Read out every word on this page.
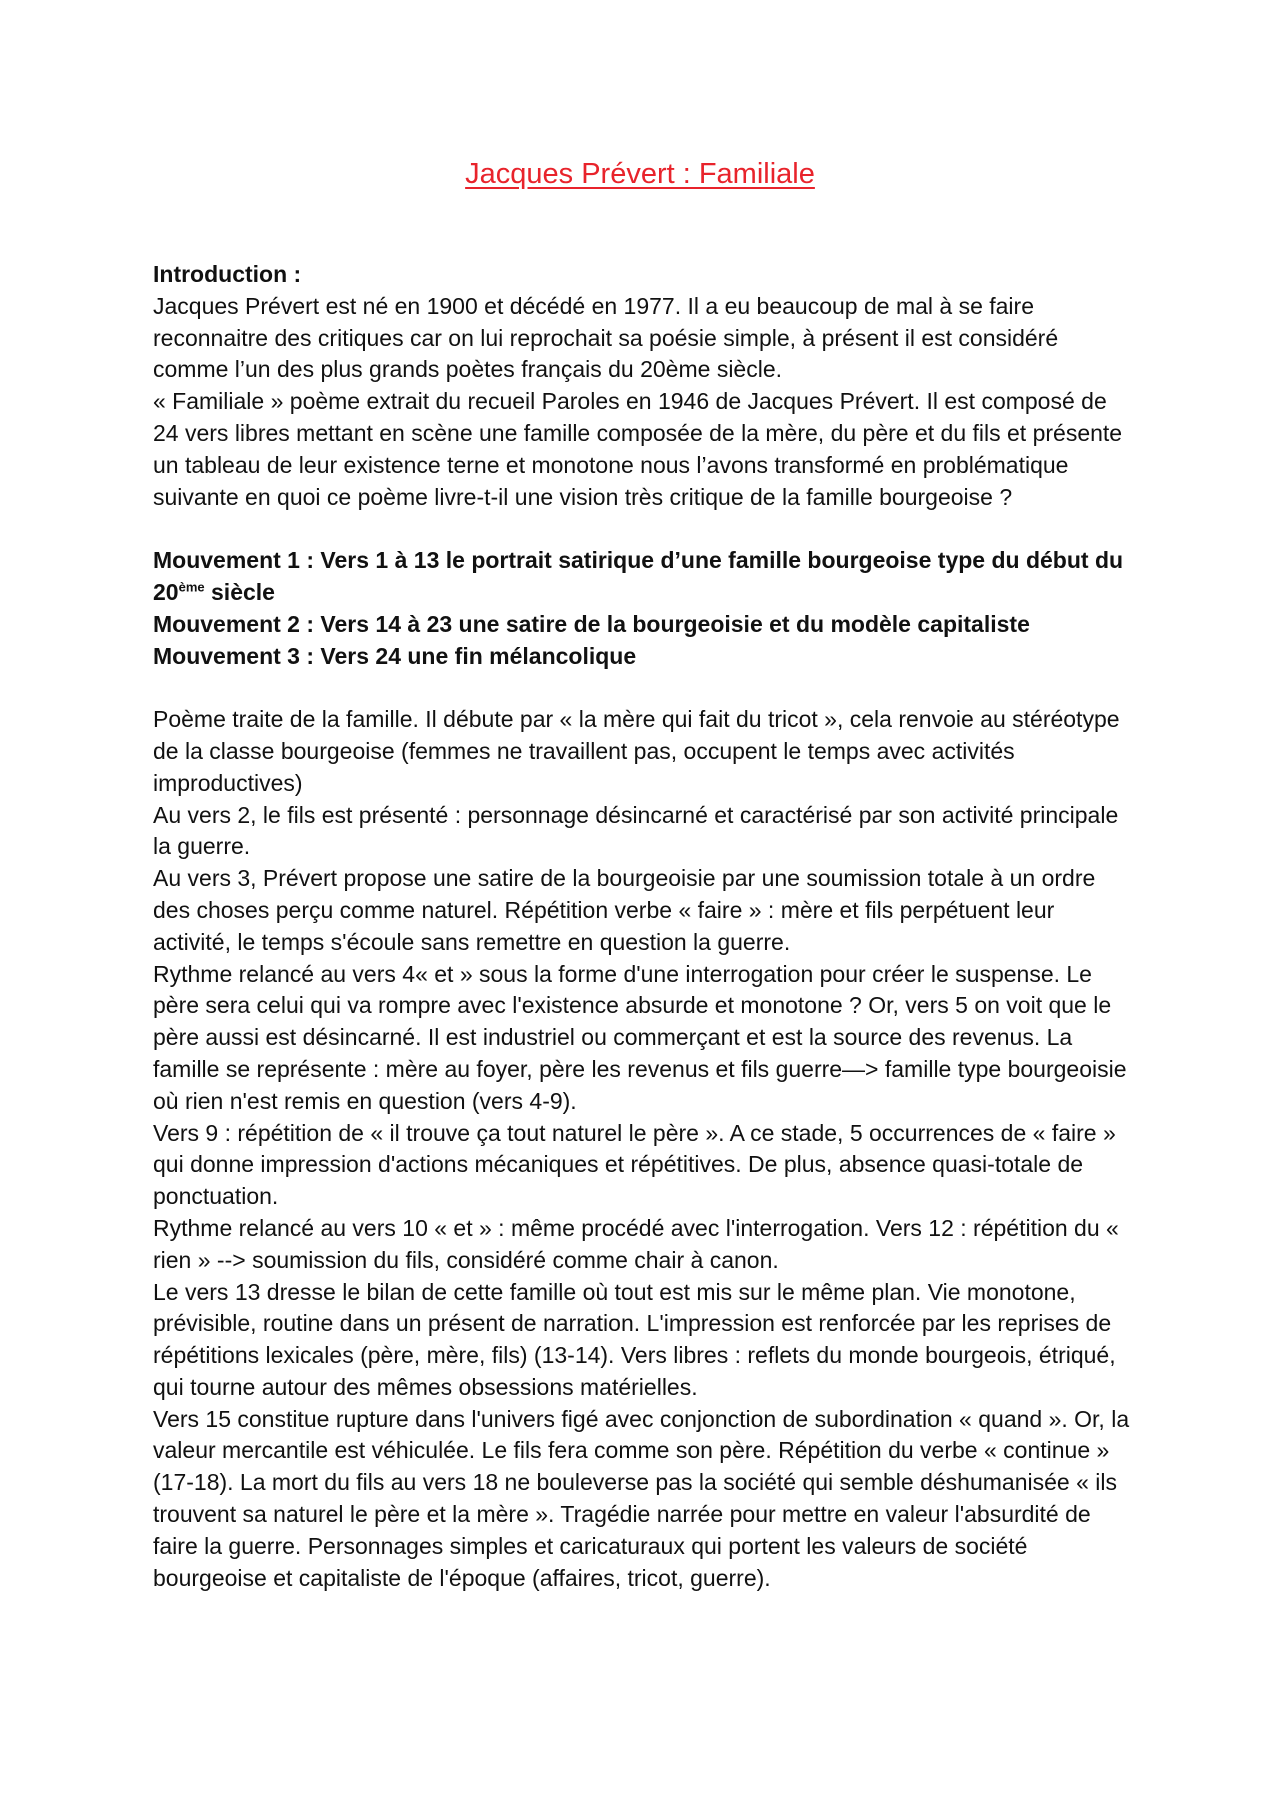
Jacques Prévert : Familiale

Introduction :

Jacques Prévert est né en 1900 et décédé en 1977. Il a eu beaucoup de mal à se faire reconnaitre des critiques car on lui reprochait sa poésie simple, à présent il est considéré comme l’un des plus grands poètes français du 20ème siècle.

« Familiale » poème extrait du recueil Paroles en 1946 de Jacques Prévert. Il est composé de 24 vers libres mettant en scène une famille composée de la mère, du père et du fils et présente un tableau de leur existence terne et monotone nous l’avons transformé en problématique suivante en quoi ce poème livre-t-il une vision très critique de la famille bourgeoise ?

Mouvement 1 : Vers 1 à 13 le portrait satirique d’une famille bourgeoise type du début du 20ème siècle

Mouvement 2 : Vers 14 à 23 une satire de la bourgeoisie et du modèle capitaliste

Mouvement 3 : Vers 24 une fin mélancolique

Poème traite de la famille. Il débute par « la mère qui fait du tricot », cela renvoie au stéréotype de la classe bourgeoise (femmes ne travaillent pas, occupent le temps avec activités improductives)

Au vers 2, le fils est présenté : personnage désincarné et caractérisé par son activité principale la guerre.

Au vers 3, Prévert propose une satire de la bourgeoisie par une soumission totale à un ordre des choses perçu comme naturel. Répétition verbe « faire » : mère et fils perpétuent leur activité, le temps s'écoule sans remettre en question la guerre.

Rythme relancé au vers 4« et » sous la forme d'une interrogation pour créer le suspense. Le père sera celui qui va rompre avec l'existence absurde et monotone ? Or, vers 5 on voit que le père aussi est désincarné. Il est industriel ou commerçant et est la source des revenus. La famille se représente : mère au foyer, père les revenus et fils guerre—> famille type bourgeoisie où rien n'est remis en question (vers 4-9).

Vers 9 : répétition de « il trouve ça tout naturel le père ». A ce stade, 5 occurrences de « faire » qui donne impression d'actions mécaniques et répétitives. De plus, absence quasi-totale de ponctuation.

Rythme relancé au vers 10 « et » : même procédé avec l'interrogation. Vers 12 : répétition du « rien » --> soumission du fils, considéré comme chair à canon.

Le vers 13 dresse le bilan de cette famille où tout est mis sur le même plan. Vie monotone, prévisible, routine dans un présent de narration. L'impression est renforcée par les reprises de répétitions lexicales (père, mère, fils) (13-14). Vers libres : reflets du monde bourgeois, étriqué, qui tourne autour des mêmes obsessions matérielles.

Vers 15 constitue rupture dans l'univers figé avec conjonction de subordination « quand ». Or, la valeur mercantile est véhiculée. Le fils fera comme son père. Répétition du verbe « continue » (17-18). La mort du fils au vers 18 ne bouleverse pas la société qui semble déshumanisée « ils trouvent sa naturel le père et la mère ». Tragédie narrée pour mettre en valeur l'absurdité de faire la guerre. Personnages simples et caricaturaux qui portent les valeurs de société bourgeoise et capitaliste de l'époque (affaires, tricot, guerre).
